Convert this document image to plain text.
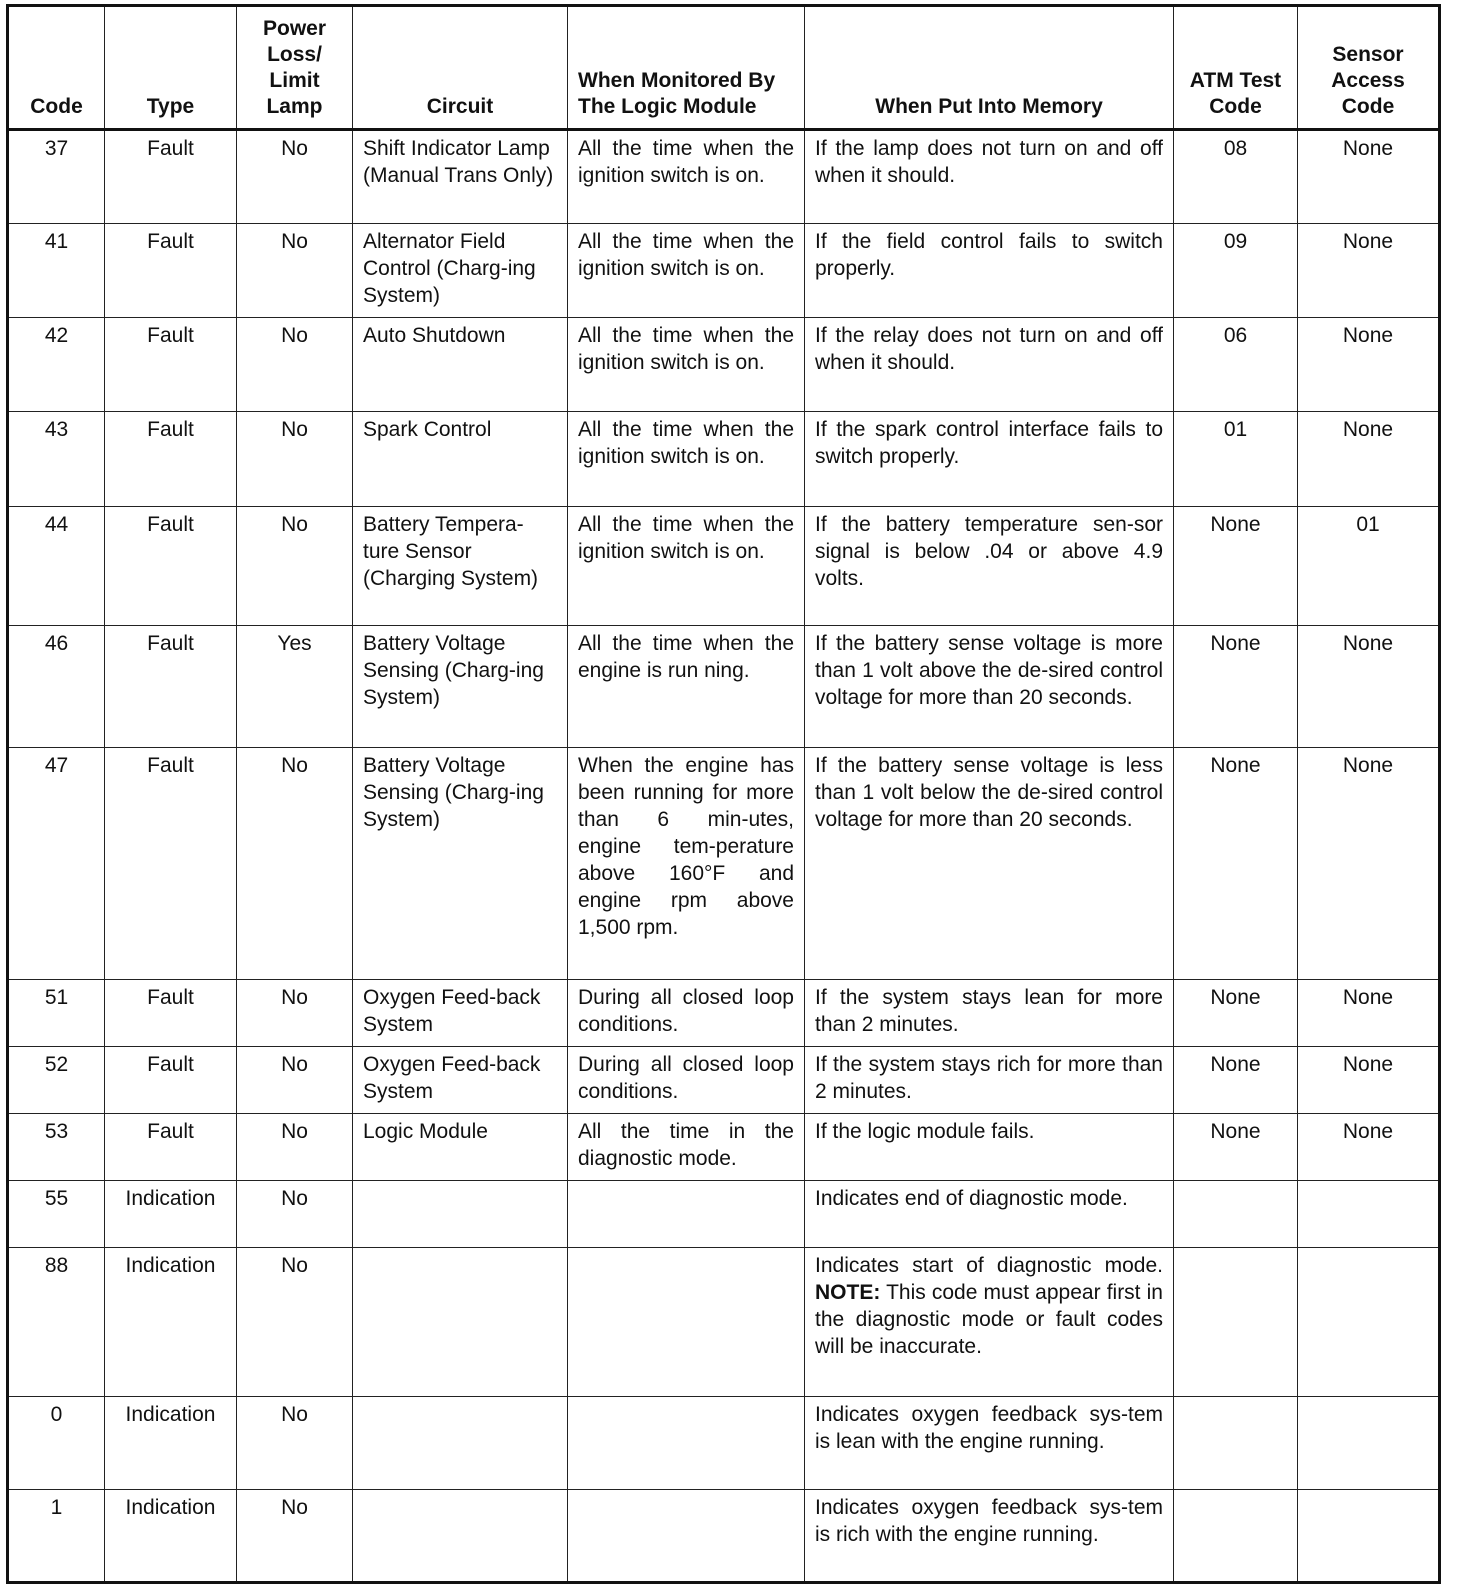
Code	Type	Power Loss/ Limit Lamp	Circuit	When Monitored By The Logic Module	When Put Into Memory	ATM Test Code	Sensor Access Code
37	Fault	No	Shift Indicator Lamp (Manual Trans Only)	All the time when the ignition switch is on.	If the lamp does not turn on and off when it should.	08	None
41	Fault	No	Alternator Field Control (Charg-ing System)	All the time when the ignition switch is on.	If the field control fails to switch properly.	09	None
42	Fault	No	Auto Shutdown	All the time when the ignition switch is on.	If the relay does not turn on and off when it should.	06	None
43	Fault	No	Spark Control	All the time when the ignition switch is on.	If the spark control interface fails to switch properly.	01	None
44	Fault	No	Battery Tempera-ture Sensor (Charging System)	All the time when the ignition switch is on.	If the battery temperature sen-sor signal is below .04 or above 4.9 volts.	None	01
46	Fault	Yes	Battery Voltage Sensing (Charg-ing System)	All the time when the engine is run ning.	If the battery sense voltage is more than 1 volt above the de-sired control voltage for more than 20 seconds.	None	None
47	Fault	No	Battery Voltage Sensing (Charg-ing System)	When the engine has been running for more than 6 min-utes, engine tem-perature above 160°F and engine rpm above 1,500 rpm.	If the battery sense voltage is less than 1 volt below the de-sired control voltage for more than 20 seconds.	None	None
51	Fault	No	Oxygen Feed-back System	During all closed loop conditions.	If the system stays lean for more than 2 minutes.	None	None
52	Fault	No	Oxygen Feed-back System	During all closed loop conditions.	If the system stays rich for more than 2 minutes.	None	None
53	Fault	No	Logic Module	All the time in the diagnostic mode.	If the logic module fails.	None	None
55	Indication	No			Indicates end of diagnostic mode.		
88	Indication	No			Indicates start of diagnostic mode. NOTE: This code must appear first in the diagnostic mode or fault codes will be inaccurate.		
0	Indication	No			Indicates oxygen feedback sys-tem is lean with the engine running.		
1	Indication	No			Indicates oxygen feedback sys-tem is rich with the engine running.		
